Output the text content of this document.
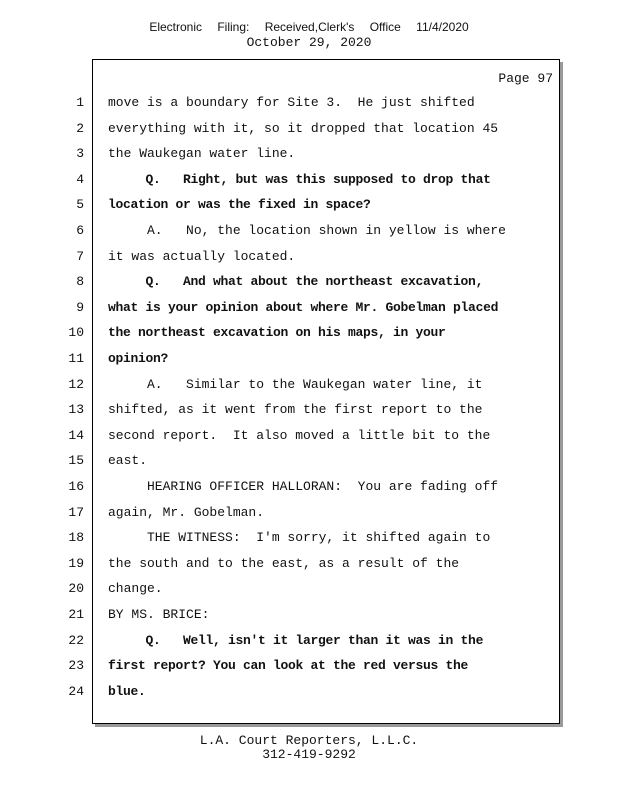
Electronic Filing: Received,Clerk's Office 11/4/2020
October 29, 2020
Page 97
1 move is a boundary for Site 3.  He just shifted
2 everything with it, so it dropped that location 45
3 the Waukegan water line.
4 Q.   Right, but was this supposed to drop that
5 location or was the fixed in space?
6 A.   No, the location shown in yellow is where
7 it was actually located.
8 Q.   And what about the northeast excavation,
9 what is your opinion about where Mr. Gobelman placed
10 the northeast excavation on his maps, in your
11 opinion?
12 A.   Similar to the Waukegan water line, it
13 shifted, as it went from the first report to the
14 second report.  It also moved a little bit to the
15 east.
16 HEARING OFFICER HALLORAN:  You are fading off
17 again, Mr. Gobelman.
18 THE WITNESS:  I'm sorry, it shifted again to
19 the south and to the east, as a result of the
20 change.
21 BY MS. BRICE:
22 Q.   Well, isn't it larger than it was in the
23 first report? You can look at the red versus the
24 blue.
L.A. Court Reporters, L.L.C.
312-419-9292
